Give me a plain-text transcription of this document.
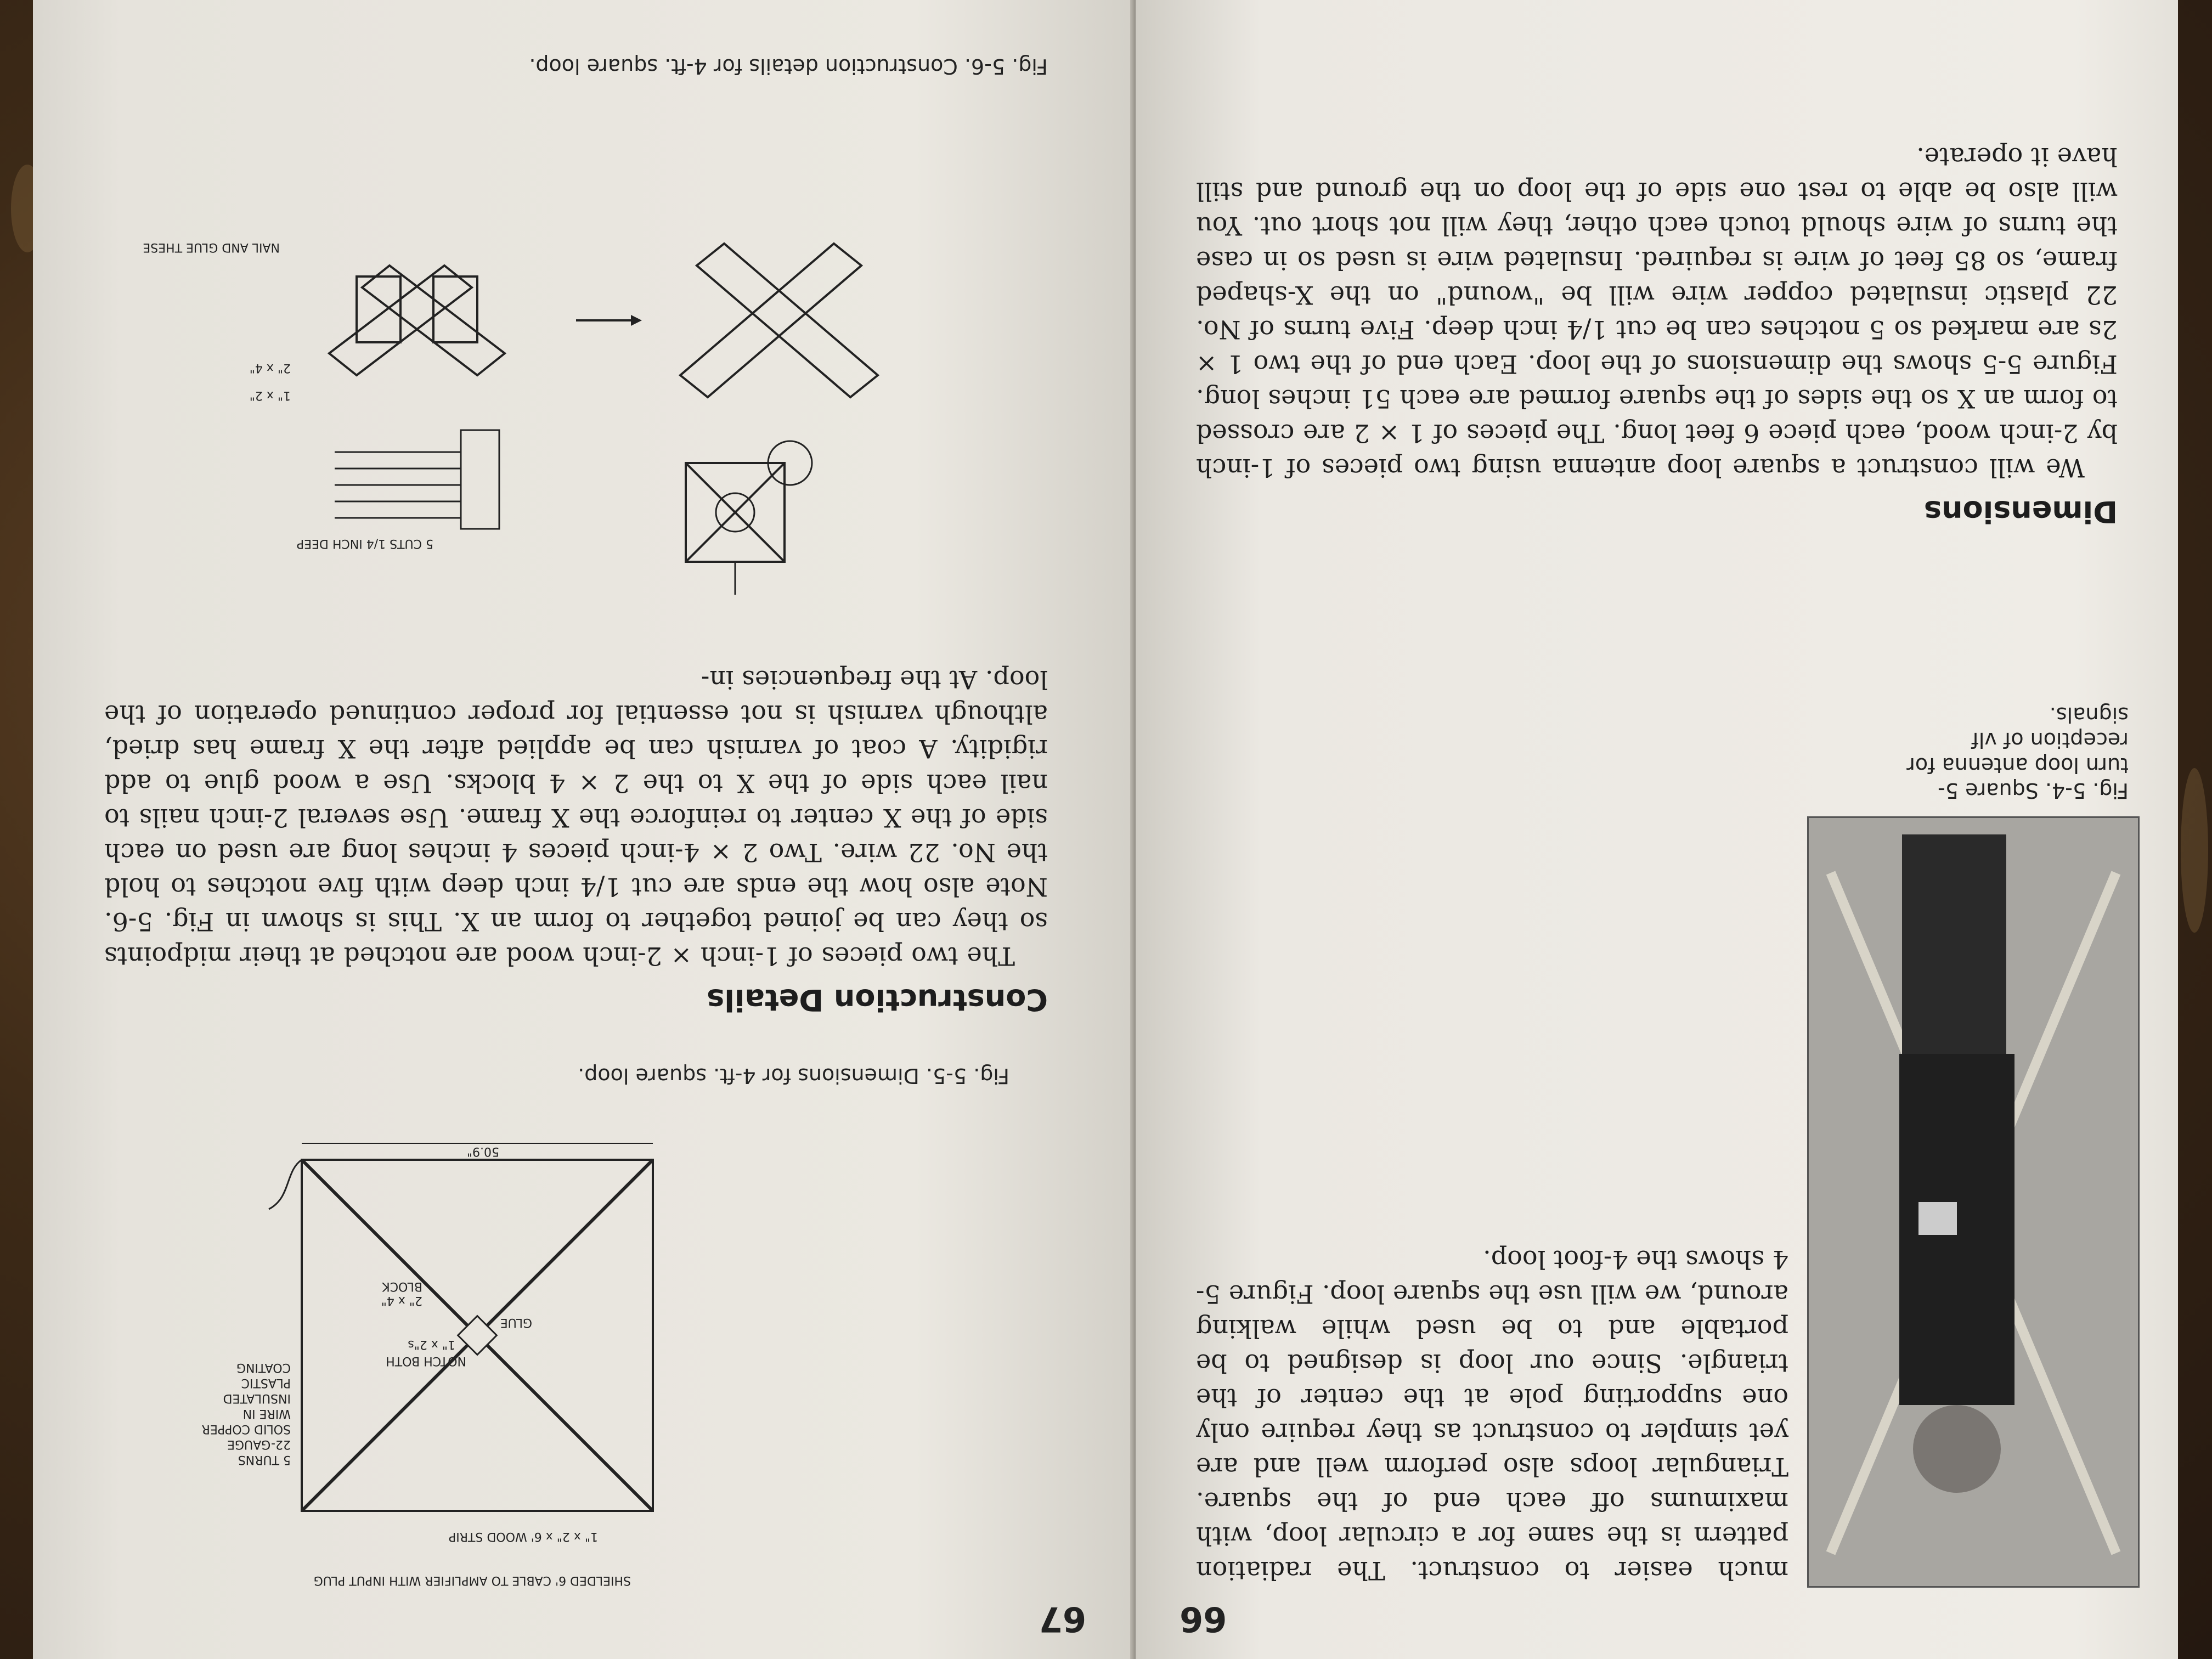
67
1" x 2" x 6' WOOD STRIP
5 TURNS
22-GAUGE
SOLID COPPER
WIRE IN
INSULATED
PLASTIC
COATING	NOTCH BOTH
1" x 2"s
GLUE
2" x 4"
BLOCK
50.9"
SHIELDED 6' CABLE TO AMPLIFIER WITH INPUT PLUG
Fig. 5-5. Dimensions for 4-ft. square loop.
Construction Details

The two pieces of 1-inch × 2-inch wood are notched at their midpoints so they can be joined together to form an X. This is shown in Fig. 5-6. Note also how the ends are cut 1/4 inch deep with five notches to hold the No. 22 wire. Two 2 × 4-inch pieces 4 inches long are used on each side of the X center to reinforce the X frame. Use several 2-inch nails to nail each side of the X to the 2 × 4 blocks. Use a wood glue to add rigidity. A coat of varnish can be applied after the X frame has dried, although varnish is not essential for proper continued operation of the loop. At the frequencies in-

5 CUTS 1/4 INCH DEEP
2" x 4"
1" x 2"
NAIL AND GLUE THESE
Fig. 5-6. Construction details for 4-ft. square loop.
66
Fig. 5-4. Square 5-turn loop antenna for reception of vlf signals.

much easier to construct. The radiation pattern is the same for a circular loop, with maximums off each end of the square. Triangular loops also perform well and are yet simpler to construct as they require only one supporting pole at the center of the triangle. Since our loop is designed to be portable and to be used while walking around, we will use the square loop. Figure 5-4 shows the 4-foot loop.

Dimensions

We will construct a square loop antenna using two pieces of 1-inch by 2-inch wood, each piece 6 feet long. The pieces of 1 × 2 are crossed to form an X so the sides of the square formed are each 51 inches long. Figure 5-5 shows the dimensions of the loop. Each end of the two 1 × 2s are marked so 5 notches can be cut 1/4 inch deep. Five turns of No. 22 plastic insulated copper wire will be "wound" on the X-shaped frame, so 85 feet of wire is required. Insulated wire is used so in case the turns of wire should touch each other, they will not short out. You will also be able to rest one side of the loop on the ground and still have it operate.
